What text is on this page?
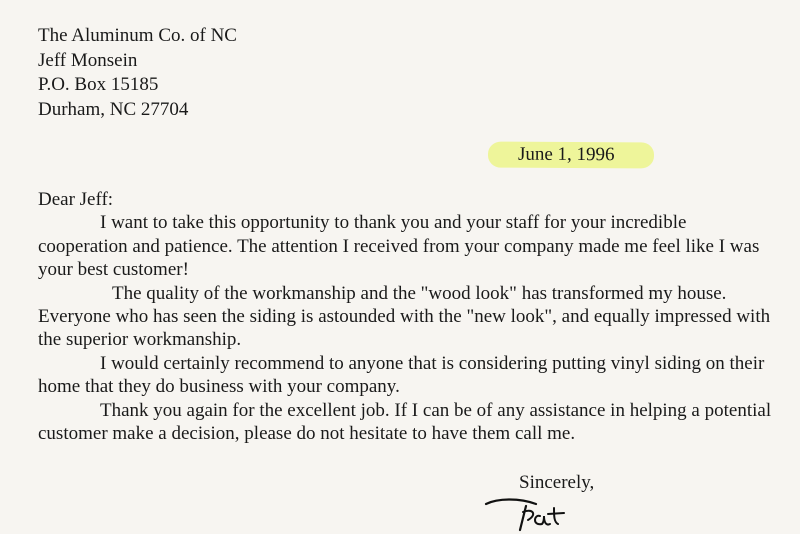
The Aluminum Co. of NC
Jeff Monsein
P.O. Box 15185
Durham, NC 27704
June 1, 1996

Dear Jeff:

I want to take this opportunity to thank you and your staff for your incredible cooperation and patience. The attention I received from your company made me feel like I was your best customer!

The quality of the workmanship and the "wood look" has transformed my house. Everyone who has seen the siding is astounded with the "new look", and equally impressed with the superior workmanship.

I would certainly recommend to anyone that is considering putting vinyl siding on their home that they do business with your company.

Thank you again for the excellent job. If I can be of any assistance in helping a potential customer make a decision, please do not hesitate to have them call me.

Sincerely,
